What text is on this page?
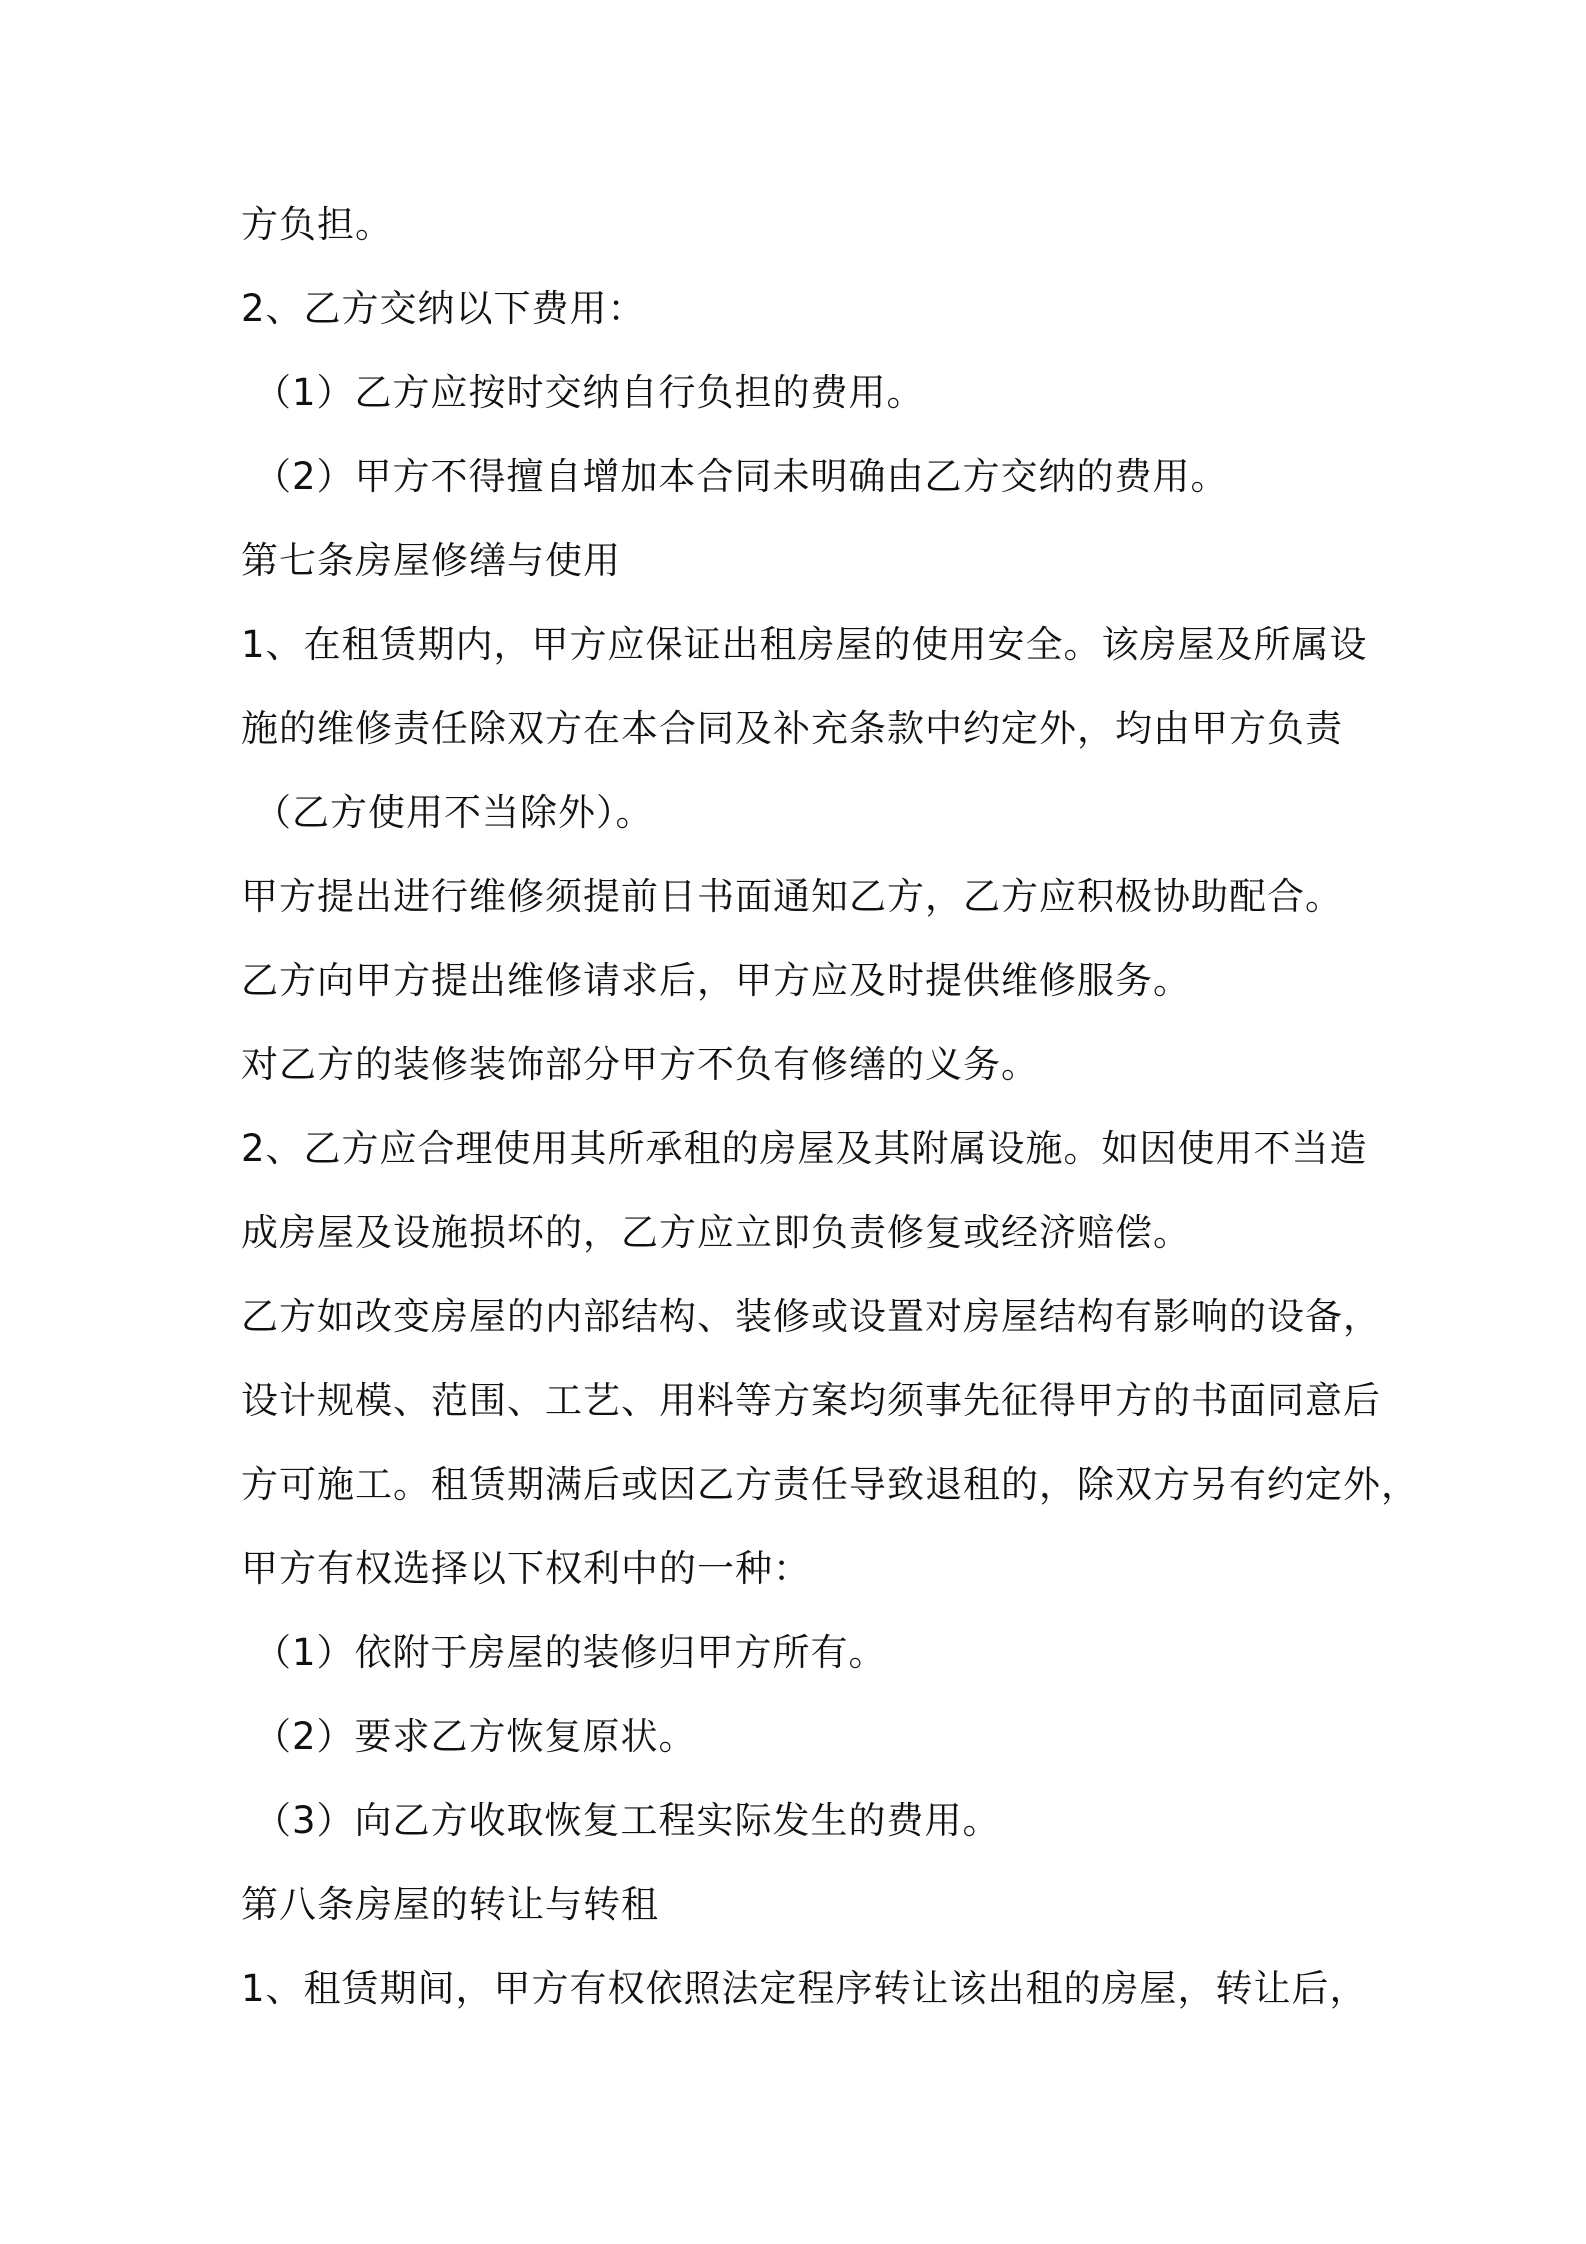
方负担。
2、乙方交纳以下费用：
（1）乙方应按时交纳自行负担的费用。
（2）甲方不得擅自增加本合同未明确由乙方交纳的费用。
第七条房屋修缮与使用
1、在租赁期内，甲方应保证出租房屋的使用安全。该房屋及所属设
施的维修责任除双方在本合同及补充条款中约定外，均由甲方负责
（乙方使用不当除外）。
甲方提出进行维修须提前日书面通知乙方，乙方应积极协助配合。
乙方向甲方提出维修请求后，甲方应及时提供维修服务。
对乙方的装修装饰部分甲方不负有修缮的义务。
2、乙方应合理使用其所承租的房屋及其附属设施。如因使用不当造
成房屋及设施损坏的，乙方应立即负责修复或经济赔偿。
乙方如改变房屋的内部结构、装修或设置对房屋结构有影响的设备，
设计规模、范围、工艺、用料等方案均须事先征得甲方的书面同意后
方可施工。租赁期满后或因乙方责任导致退租的，除双方另有约定外，
甲方有权选择以下权利中的一种：
（1）依附于房屋的装修归甲方所有。
（2）要求乙方恢复原状。
（3）向乙方收取恢复工程实际发生的费用。
第八条房屋的转让与转租
1、租赁期间，甲方有权依照法定程序转让该出租的房屋，转让后，
